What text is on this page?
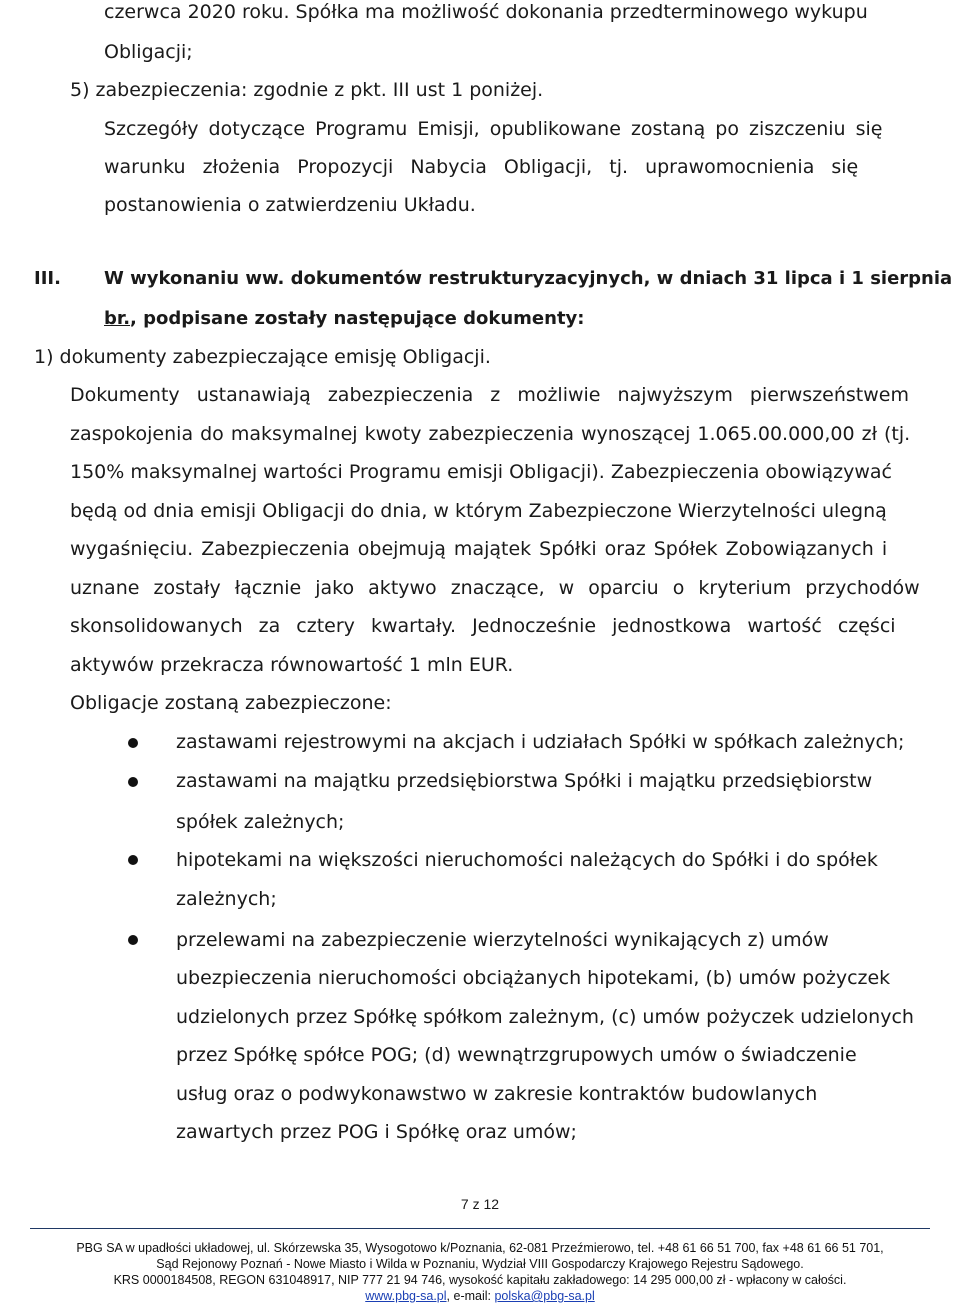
czerwca 2020 roku. Spółka ma możliwość dokonania przedterminowego wykupu
Obligacji;
5) zabezpieczenia: zgodnie z pkt. III ust 1 poniżej.
Szczegóły dotyczące Programu Emisji, opublikowane zostaną po ziszczeniu się
warunku złożenia Propozycji Nabycia Obligacji, tj. uprawomocnienia się
postanowienia o zatwierdzeniu Układu.
III. W wykonaniu ww. dokumentów restrukturyzacyjnych, w dniach 31 lipca i 1 sierpnia
br., podpisane zostały następujące dokumenty:
1) dokumenty zabezpieczające emisję Obligacji.
Dokumenty ustanawiają zabezpieczenia z możliwie najwyższym pierwszeństwem
zaspokojenia do maksymalnej kwoty zabezpieczenia wynoszącej 1.065.00.000,00 zł (tj.
150% maksymalnej wartości Programu emisji Obligacji). Zabezpieczenia obowiązywać
będą od dnia emisji Obligacji do dnia, w którym Zabezpieczone Wierzytelności ulegną
wygaśnięciu. Zabezpieczenia obejmują majątek Spółki oraz Spółek Zobowiązanych i
uznane zostały łącznie jako aktywo znaczące, w oparciu o kryterium przychodów
skonsolidowanych za cztery kwartały. Jednocześnie jednostkowa wartość części
aktywów przekracza równowartość 1 mln EUR.
Obligacje zostaną zabezpieczone:
zastawami rejestrowymi na akcjach i udziałach Spółki w spółkach zależnych;
zastawami na majątku przedsiębiorstwa Spółki i majątku przedsiębiorstw
spółek zależnych;
hipotekami na większości nieruchomości należących do Spółki i do spółek
zależnych;
przelewami na zabezpieczenie wierzytelności wynikających z) umów
ubezpieczenia nieruchomości obciążanych hipotekami, (b) umów pożyczek
udzielonych przez Spółkę spółkom zależnym, (c) umów pożyczek udzielonych
przez Spółkę spółce POG; (d) wewnątrzgrupowych umów o świadczenie
usług oraz o podwykonawstwo w zakresie kontraktów budowlanych
zawartych przez POG i Spółkę oraz umów;
7 z 12
PBG SA w upadłości układowej, ul. Skórzewska 35, Wysogotowo k/Poznania, 62-081 Przeźmierowo, tel. +48 61 66 51 700, fax +48 61 66 51 701,
Sąd Rejonowy Poznań - Nowe Miasto i Wilda w Poznaniu, Wydział VIII Gospodarczy Krajowego Rejestru Sądowego.
KRS 0000184508, REGON 631048917, NIP 777 21 94 746, wysokość kapitału zakładowego: 14 295 000,00 zł - wpłacony w całości.
www.pbg-sa.pl, e-mail: polska@pbg-sa.pl
